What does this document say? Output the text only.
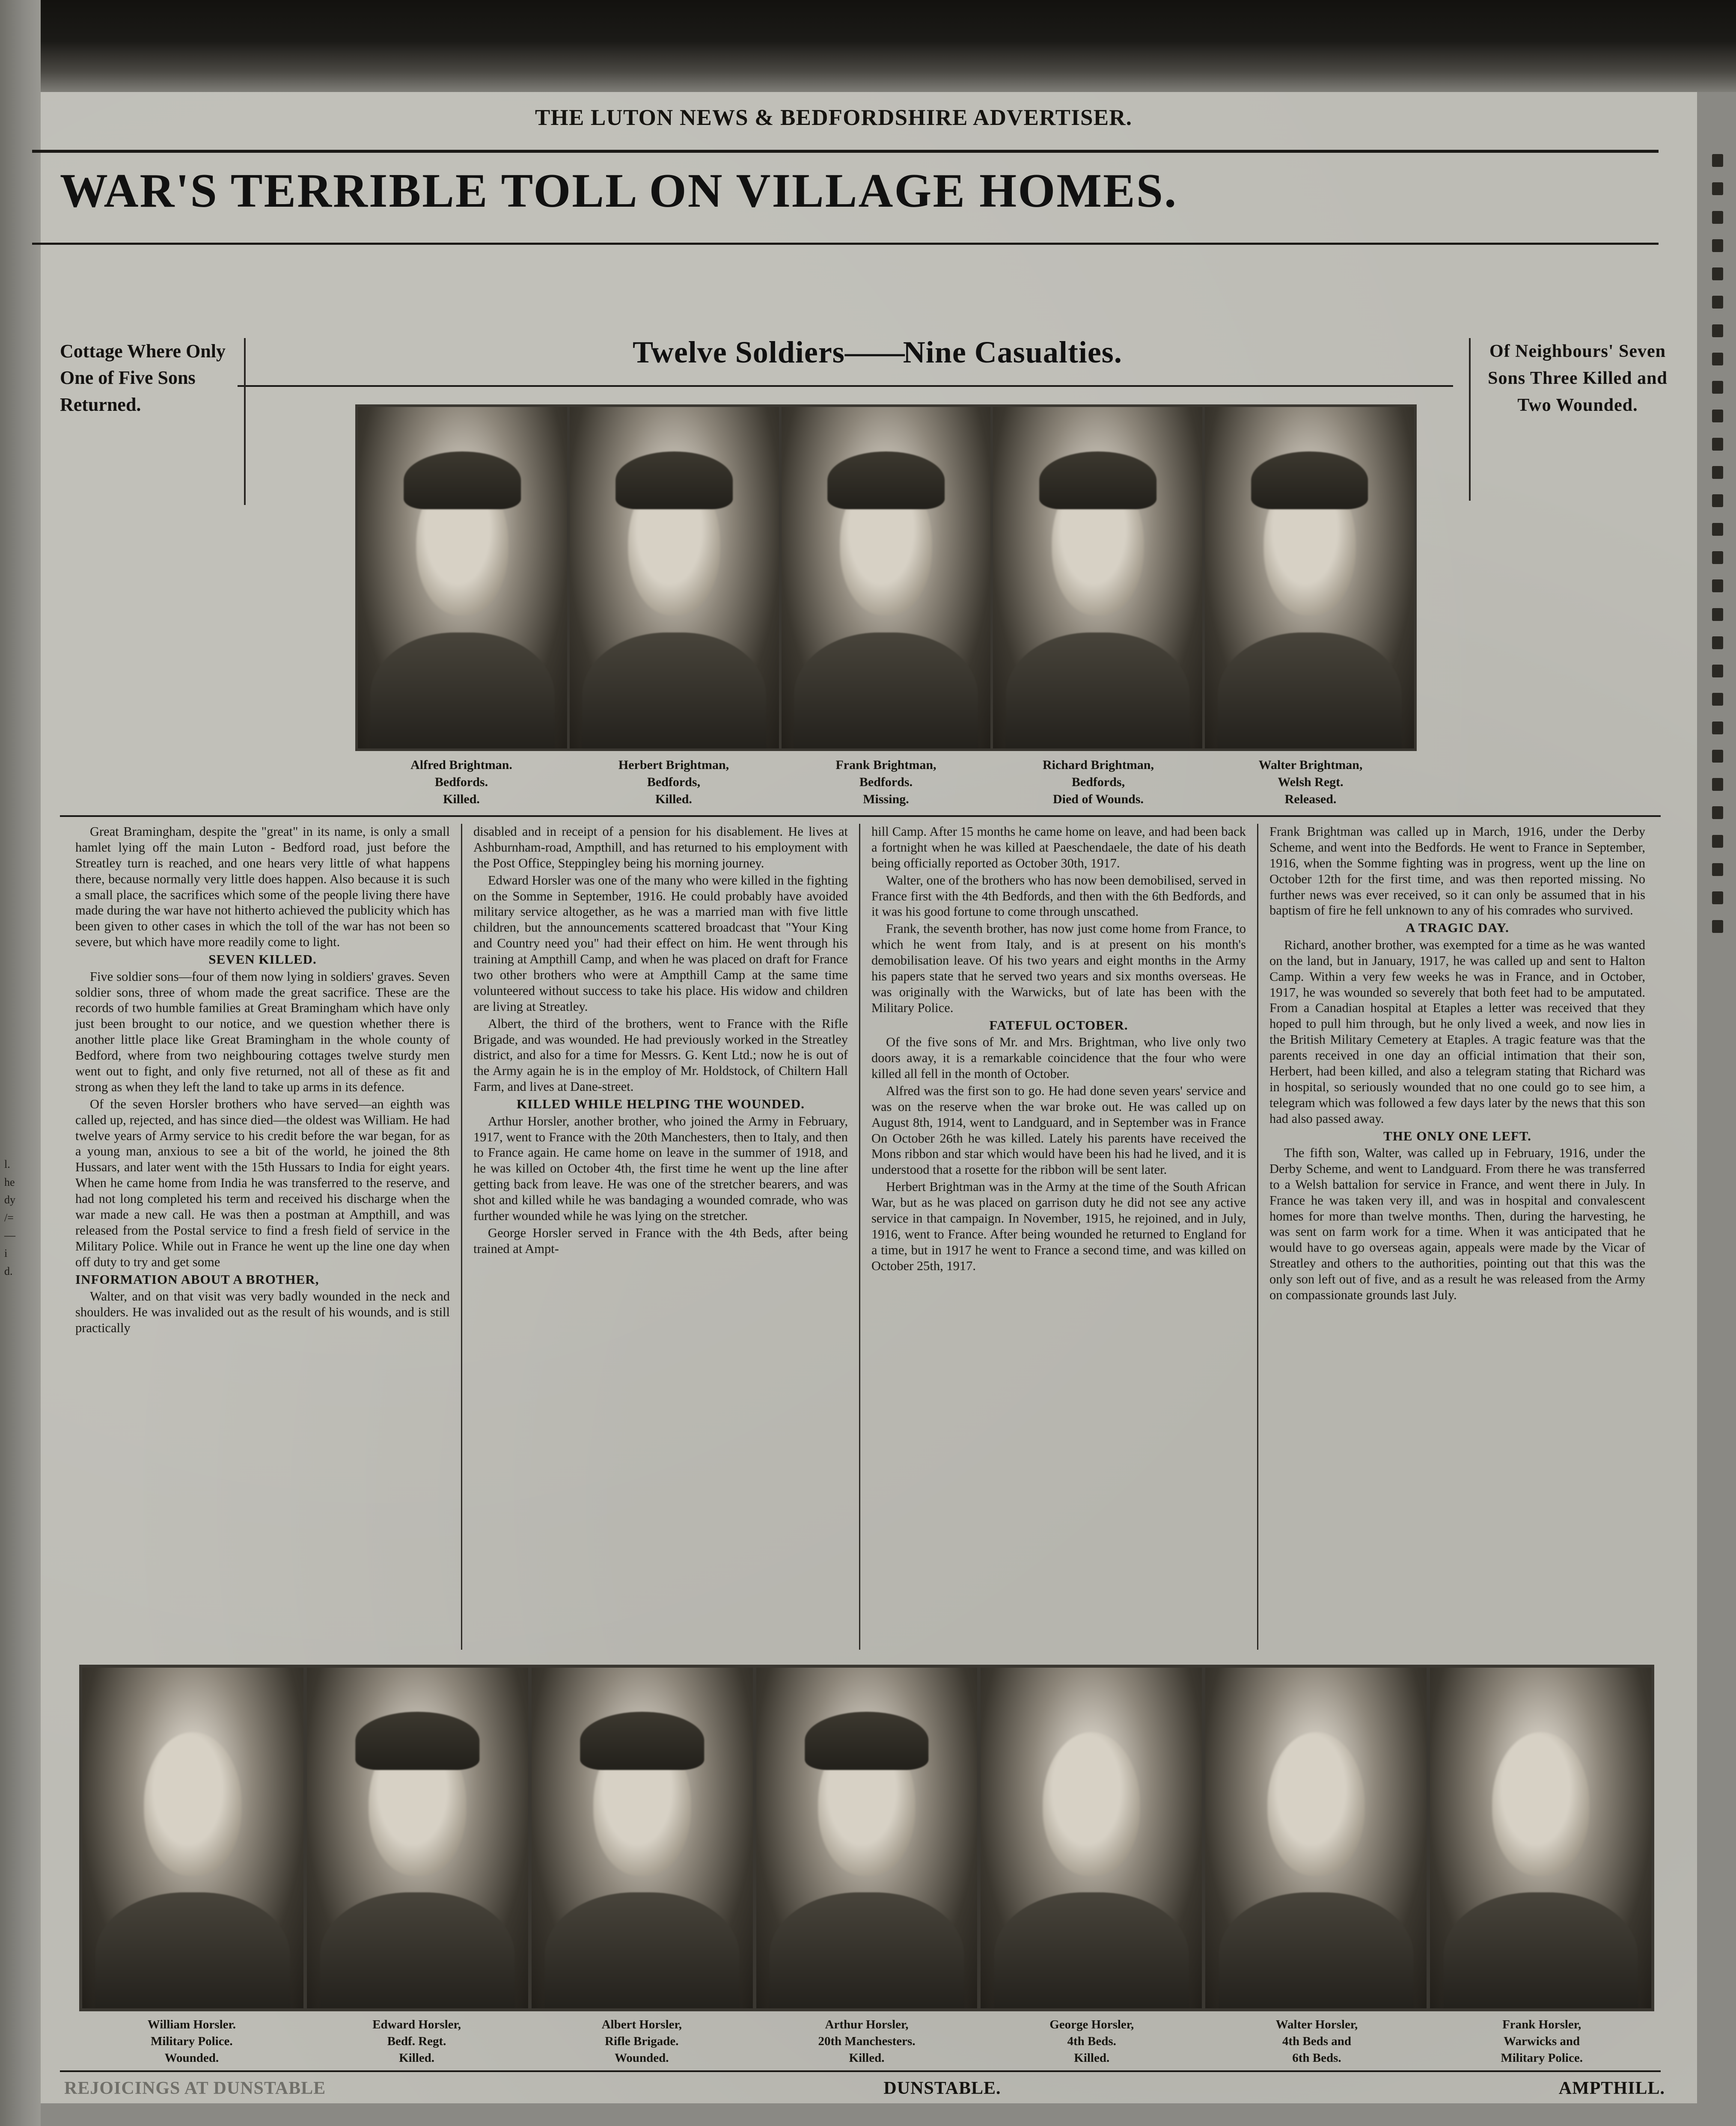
THE LUTON NEWS & BEDFORDSHIRE ADVERTISER.
WAR'S TERRIBLE TOLL ON VILLAGE HOMES.
Twelve Soldiers——Nine Casualties.
Cottage Where Only One of Five Sons Returned.
Of Neighbours' Seven Sons Three Killed and Two Wounded.
Alfred Brightman.
Bedfords.
Killed.
Herbert Brightman,
Bedfords,
Killed.
Frank Brightman,
Bedfords.
Missing.
Richard Brightman,
Bedfords,
Died of Wounds.
Walter Brightman,
Welsh Regt.
Released.

Great Bramingham, despite the "great" in its name, is only a small hamlet lying off the main Luton - Bedford road, just before the Streatley turn is reached, and one hears very little of what happens there, because normally very little does happen. Also because it is such a small place, the sacrifices which some of the people living there have made during the war have not hitherto achieved the publicity which has been given to other cases in which the toll of the war has not been so severe, but which have more readily come to light.

SEVEN KILLED.

Five soldier sons—four of them now lying in soldiers' graves. Seven soldier sons, three of whom made the great sacrifice. These are the records of two humble families at Great Bramingham which have only just been brought to our notice, and we question whether there is another little place like Great Bramingham in the whole county of Bedford, where from two neighbouring cottages twelve sturdy men went out to fight, and only five returned, not all of these as fit and strong as when they left the land to take up arms in its defence.

Of the seven Horsler brothers who have served—an eighth was called up, rejected, and has since died—the oldest was William. He had twelve years of Army service to his credit before the war began, for as a young man, anxious to see a bit of the world, he joined the 8th Hussars, and later went with the 15th Hussars to India for eight years. When he came home from India he was transferred to the reserve, and had not long completed his term and received his discharge when the war made a new call. He was then a postman at Ampthill, and was released from the Postal service to find a fresh field of service in the Military Police. While out in France he went up the line one day when off duty to try and get some

INFORMATION ABOUT A BROTHER,

Walter, and on that visit was very badly wounded in the neck and shoulders. He was invalided out as the result of his wounds, and is still practically

disabled and in receipt of a pension for his disablement. He lives at Ashburnham-road, Ampthill, and has returned to his employment with the Post Office, Steppingley being his morning journey.

Edward Horsler was one of the many who were killed in the fighting on the Somme in September, 1916. He could probably have avoided military service altogether, as he was a married man with five little children, but the announcements scattered broadcast that "Your King and Country need you" had their effect on him. He went through his training at Ampthill Camp, and when he was placed on draft for France two other brothers who were at Ampthill Camp at the same time volunteered without success to take his place. His widow and children are living at Streatley.

Albert, the third of the brothers, went to France with the Rifle Brigade, and was wounded. He had previously worked in the Streatley district, and also for a time for Messrs. G. Kent Ltd.; now he is out of the Army again he is in the employ of Mr. Holdstock, of Chiltern Hall Farm, and lives at Dane-street.

KILLED WHILE HELPING THE WOUNDED.

Arthur Horsler, another brother, who joined the Army in February, 1917, went to France with the 20th Manchesters, then to Italy, and then to France again. He came home on leave in the summer of 1918, and he was killed on October 4th, the first time he went up the line after getting back from leave. He was one of the stretcher bearers, and was shot and killed while he was bandaging a wounded comrade, who was further wounded while he was lying on the stretcher.

George Horsler served in France with the 4th Beds, after being trained at Ampt-

hill Camp. After 15 months he came home on leave, and had been back a fortnight when he was killed at Paeschendaele, the date of his death being officially reported as October 30th, 1917.

Walter, one of the brothers who has now been demobilised, served in France first with the 4th Bedfords, and then with the 6th Bedfords, and it was his good fortune to come through unscathed.

Frank, the seventh brother, has now just come home from France, to which he went from Italy, and is at present on his month's demobilisation leave. Of his two years and eight months in the Army his papers state that he served two years and six months overseas. He was originally with the Warwicks, but of late has been with the Military Police.

FATEFUL OCTOBER.

Of the five sons of Mr. and Mrs. Brightman, who live only two doors away, it is a remarkable coincidence that the four who were killed all fell in the month of October.

Alfred was the first son to go. He had done seven years' service and was on the reserve when the war broke out. He was called up on August 8th, 1914, went to Landguard, and in September was in France On October 26th he was killed. Lately his parents have received the Mons ribbon and star which would have been his had he lived, and it is understood that a rosette for the ribbon will be sent later.

Herbert Brightman was in the Army at the time of the South African War, but as he was placed on garrison duty he did not see any active service in that campaign. In November, 1915, he rejoined, and in July, 1916, went to France. After being wounded he returned to England for a time, but in 1917 he went to France a second time, and was killed on October 25th, 1917.

Frank Brightman was called up in March, 1916, under the Derby Scheme, and went into the Bedfords. He went to France in September, 1916, when the Somme fighting was in progress, went up the line on October 12th for the first time, and was then reported missing. No further news was ever received, so it can only be assumed that in his baptism of fire he fell unknown to any of his comrades who survived.

A TRAGIC DAY.

Richard, another brother, was exempted for a time as he was wanted on the land, but in January, 1917, he was called up and sent to Halton Camp. Within a very few weeks he was in France, and in October, 1917, he was wounded so severely that both feet had to be amputated. From a Canadian hospital at Etaples a letter was received that they hoped to pull him through, but he only lived a week, and now lies in the British Military Cemetery at Etaples. A tragic feature was that the parents received in one day an official intimation that their son, Herbert, had been killed, and also a telegram stating that Richard was in hospital, so seriously wounded that no one could go to see him, a telegram which was followed a few days later by the news that this son had also passed away.

THE ONLY ONE LEFT.

The fifth son, Walter, was called up in February, 1916, under the Derby Scheme, and went to Landguard. From there he was transferred to a Welsh battalion for service in France, and went there in July. In France he was taken very ill, and was in hospital and convalescent homes for more than twelve months. Then, during the harvesting, he was sent on farm work for a time. When it was anticipated that he would have to go overseas again, appeals were made by the Vicar of Streatley and others to the authorities, pointing out that this was the only son left out of five, and as a result he was released from the Army on compassionate grounds last July.

William Horsler.
Military Police.
Wounded.
Edward Horsler,
Bedf. Regt.
Killed.
Albert Horsler,
Rifle Brigade.
Wounded.
Arthur Horsler,
20th Manchesters.
Killed.
George Horsler,
4th Beds.
Killed.
Walter Horsler,
4th Beds and
6th Beds.
Frank Horsler,
Warwicks and
Military Police.
REJOICINGS AT DUNSTABLE	DUNSTABLE.	AMPTHILL.
l.
he
dy
/=
—
i
d.
